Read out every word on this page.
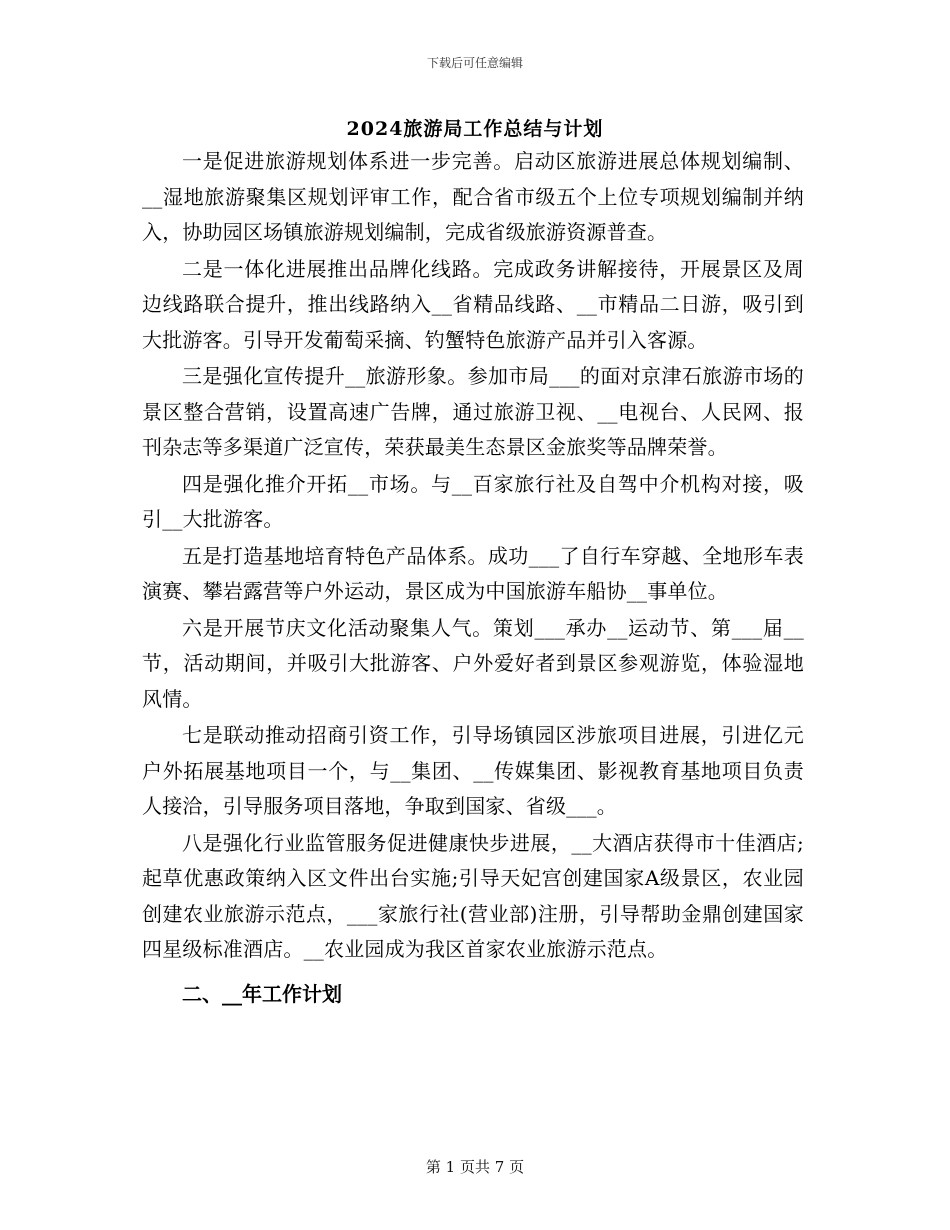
下载后可任意编辑
2024旅游局工作总结与计划

一是促进旅游规划体系进一步完善。启动区旅游进展总体规划编制、__湿地旅游聚集区规划评审工作，配合省市级五个上位专项规划编制并纳入，协助园区场镇旅游规划编制，完成省级旅游资源普查。

二是一体化进展推出品牌化线路。完成政务讲解接待，开展景区及周边线路联合提升，推出线路纳入__省精品线路、__市精品二日游，吸引到大批游客。引导开发葡萄采摘、钓蟹特色旅游产品并引入客源。

三是强化宣传提升__旅游形象。参加市局___的面对京津石旅游市场的景区整合营销，设置高速广告牌，通过旅游卫视、__电视台、人民网、报刊杂志等多渠道广泛宣传，荣获最美生态景区金旅奖等品牌荣誉。

四是强化推介开拓__市场。与__百家旅行社及自驾中介机构对接，吸引__大批游客。

五是打造基地培育特色产品体系。成功___了自行车穿越、全地形车表演赛、攀岩露营等户外运动，景区成为中国旅游车船协__事单位。

六是开展节庆文化活动聚集人气。策划___承办__运动节、第___届__节，活动期间，并吸引大批游客、户外爱好者到景区参观游览，体验湿地风情。

七是联动推动招商引资工作，引导场镇园区涉旅项目进展，引进亿元户外拓展基地项目一个，与__集团、__传媒集团、影视教育基地项目负责人接洽，引导服务项目落地，争取到国家、省级___。

八是强化行业监管服务促进健康快步进展，__大酒店获得市十佳酒店;起草优惠政策纳入区文件出台实施;引导天妃宫创建国家A级景区，农业园创建农业旅游示范点，___家旅行社(营业部)注册，引导帮助金鼎创建国家四星级标准酒店。__农业园成为我区首家农业旅游示范点。

二、__年工作计划

第 1 页共 7 页
